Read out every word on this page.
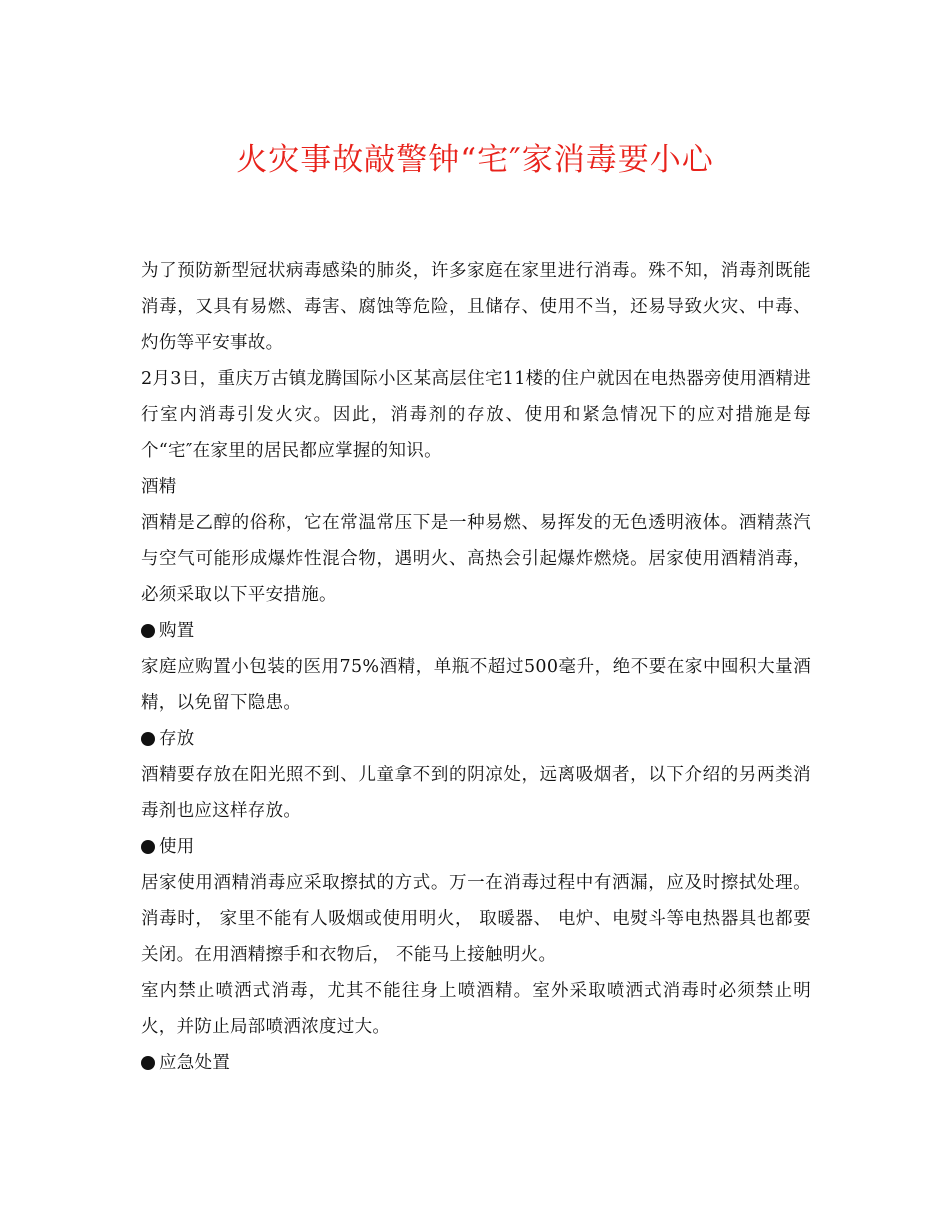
火灾事故敲警钟“宅″家消毒要小心

为了预防新型冠状病毒感染的肺炎，许多家庭在家里进行消毒。殊不知，消毒剂既能消毒，又具有易燃、毒害、腐蚀等危险，且储存、使用不当，还易导致火灾、中毒、灼伤等平安事故。

2月3日，重庆万古镇龙腾国际小区某高层住宅11楼的住户就因在电热器旁使用酒精进行室内消毒引发火灾。因此，消毒剂的存放、使用和紧急情况下的应对措施是每个“宅″在家里的居民都应掌握的知识。

酒精

酒精是乙醇的俗称，它在常温常压下是一种易燃、易挥发的无色透明液体。酒精蒸汽与空气可能形成爆炸性混合物，遇明火、高热会引起爆炸燃烧。居家使用酒精消毒，必须采取以下平安措施。

购置

家庭应购置小包装的医用75%酒精，单瓶不超过500毫升，绝不要在家中囤积大量酒精，以免留下隐患。

存放

酒精要存放在阳光照不到、儿童拿不到的阴凉处，远离吸烟者，以下介绍的另两类消毒剂也应这样存放。

使用

居家使用酒精消毒应采取擦拭的方式。万一在消毒过程中有洒漏，应及时擦拭处理。消毒时， 家里不能有人吸烟或使用明火， 取暖器、 电炉、电熨斗等电热器具也都要关闭。在用酒精擦手和衣物后， 不能马上接触明火。

室内禁止喷洒式消毒，尤其不能往身上喷酒精。室外采取喷洒式消毒时必须禁止明火，并防止局部喷洒浓度过大。

应急处置
